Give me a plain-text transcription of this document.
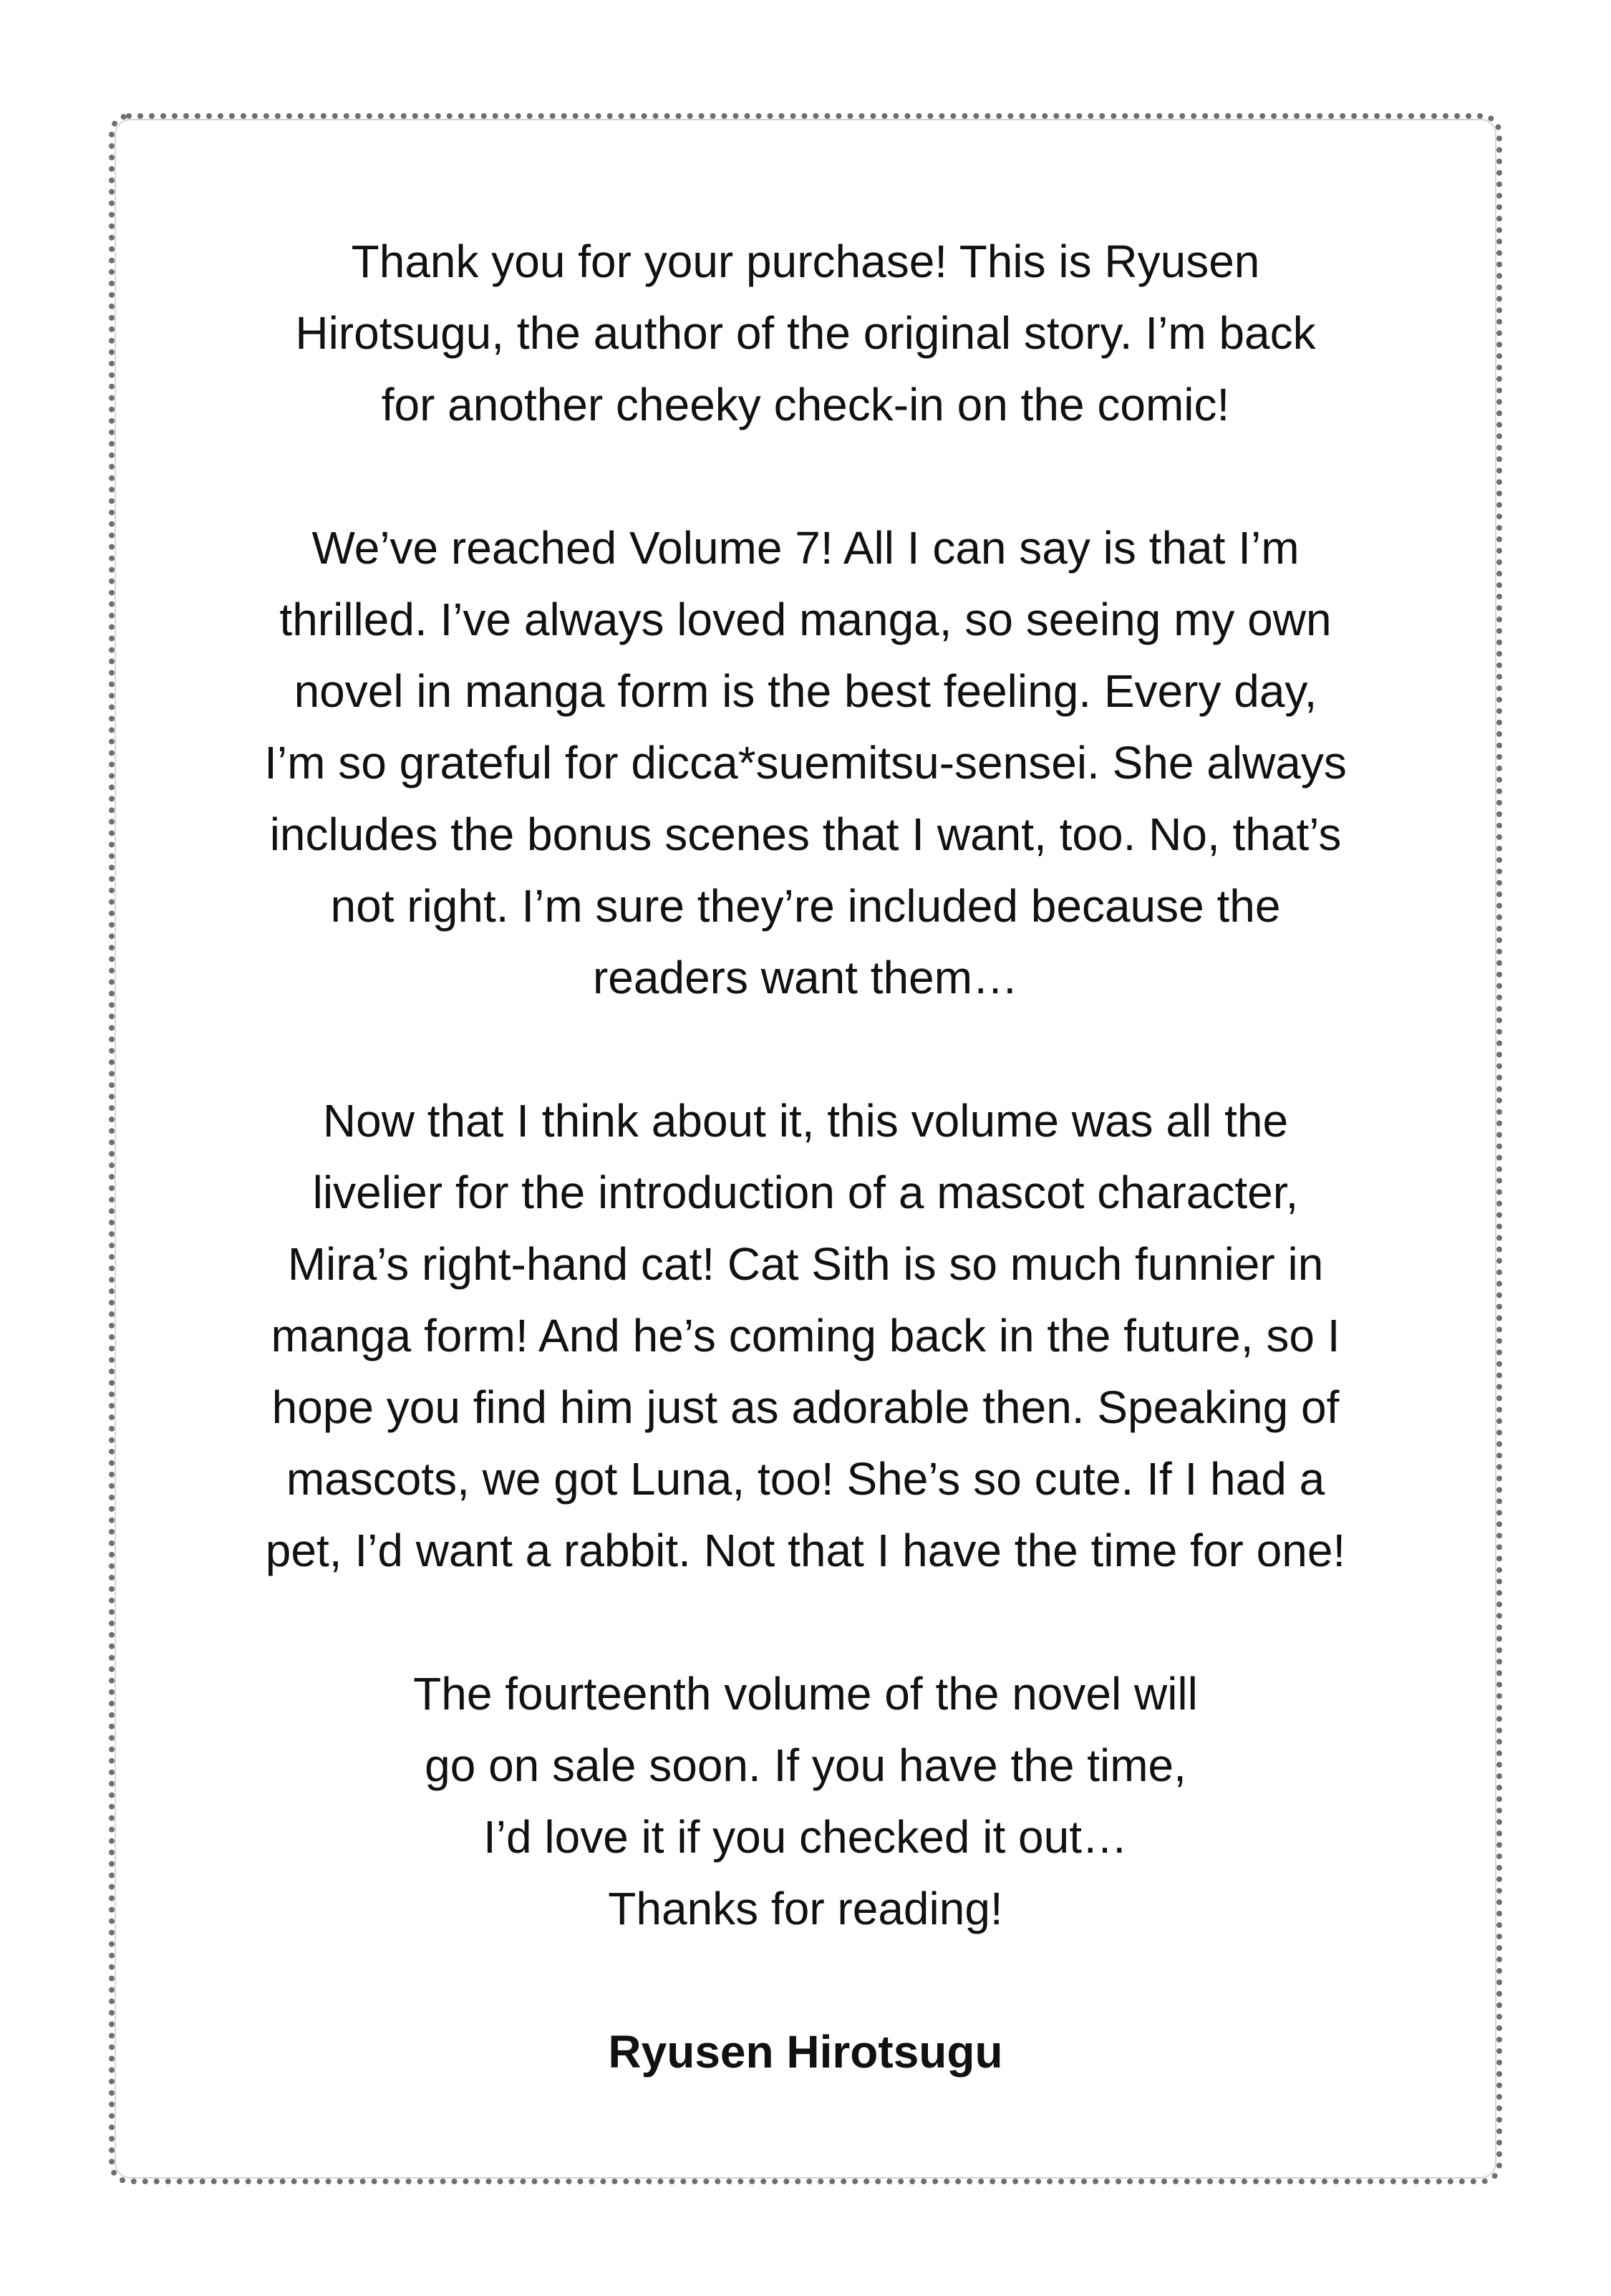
Thank you for your purchase! This is Ryusen
Hirotsugu, the author of the original story. I’m back
for another cheeky check-in on the comic!

We’ve reached Volume 7! All I can say is that I’m
thrilled. I’ve always loved manga, so seeing my own
novel in manga form is the best feeling. Every day,
I’m so grateful for dicca*suemitsu-sensei. She always
includes the bonus scenes that I want, too. No, that’s
not right. I’m sure they’re included because the
readers want them…

Now that I think about it, this volume was all the
livelier for the introduction of a mascot character,
Mira’s right-hand cat! Cat Sith is so much funnier in
manga form! And he’s coming back in the future, so I
hope you find him just as adorable then. Speaking of
mascots, we got Luna, too! She’s so cute. If I had a
pet, I’d want a rabbit. Not that I have the time for one!

The fourteenth volume of the novel will
go on sale soon. If you have the time,
I’d love it if you checked it out…
Thanks for reading!

Ryusen Hirotsugu
